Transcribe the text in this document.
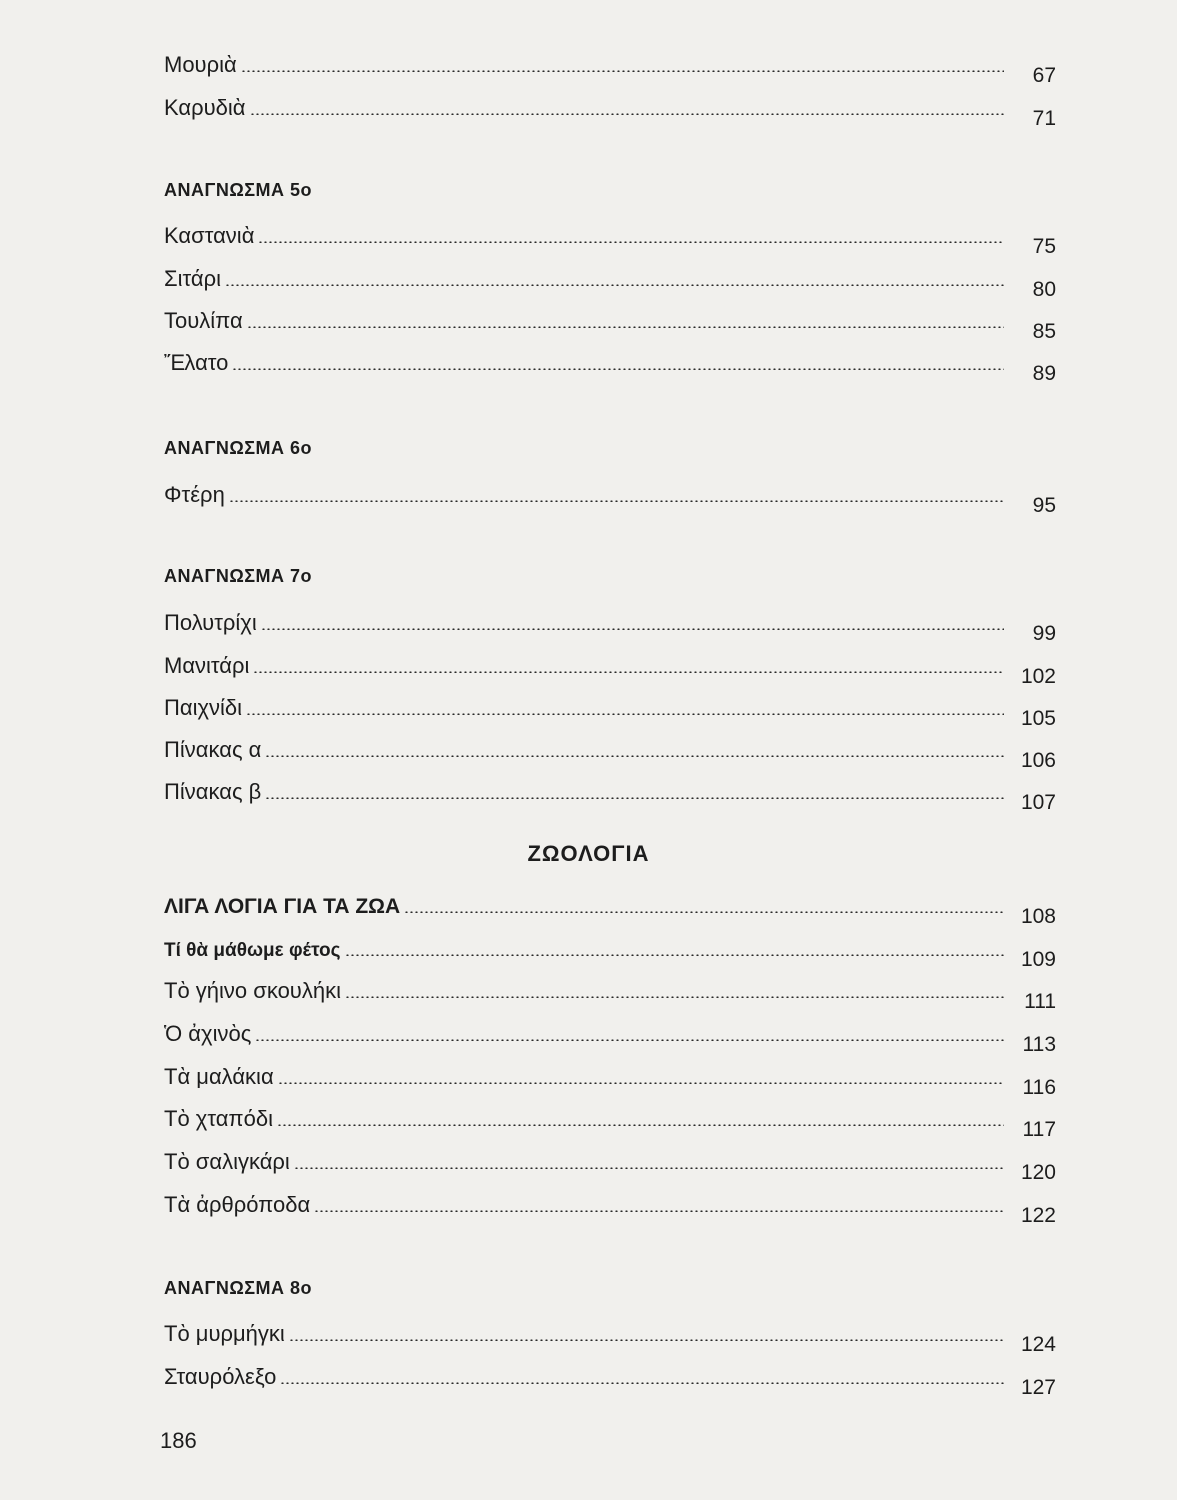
Μουριὰ	67
Καρυδιὰ	71
ΑΝΑΓΝΩΣΜΑ 5ο
Καστανιὰ	75
Σιτάρι	80
Τουλίπα	85
Ἔλατο	89
ΑΝΑΓΝΩΣΜΑ 6ο
Φτέρη	95
ΑΝΑΓΝΩΣΜΑ 7ο
Πολυτρίχι	99
Μανιτάρι	102
Παιχνίδι	105
Πίνακας α	106
Πίνακας β	107
ΖΩΟΛΟΓΙΑ
ΛΙΓΑ ΛΟΓΙΑ ΓΙΑ ΤΑ ΖΩΑ	108
Τί θὰ μάθωμε φέτος	109
Τὸ γήινο σκουλήκι	111
Ὁ ἀχινὸς	113
Τὰ μαλάκια	116
Τὸ χταπόδι	117
Τὸ σαλιγκάρι	120
Τὰ ἀρθρόποδα	122
ΑΝΑΓΝΩΣΜΑ 8ο
Τὸ μυρμήγκι	124
Σταυρόλεξο	127
186
